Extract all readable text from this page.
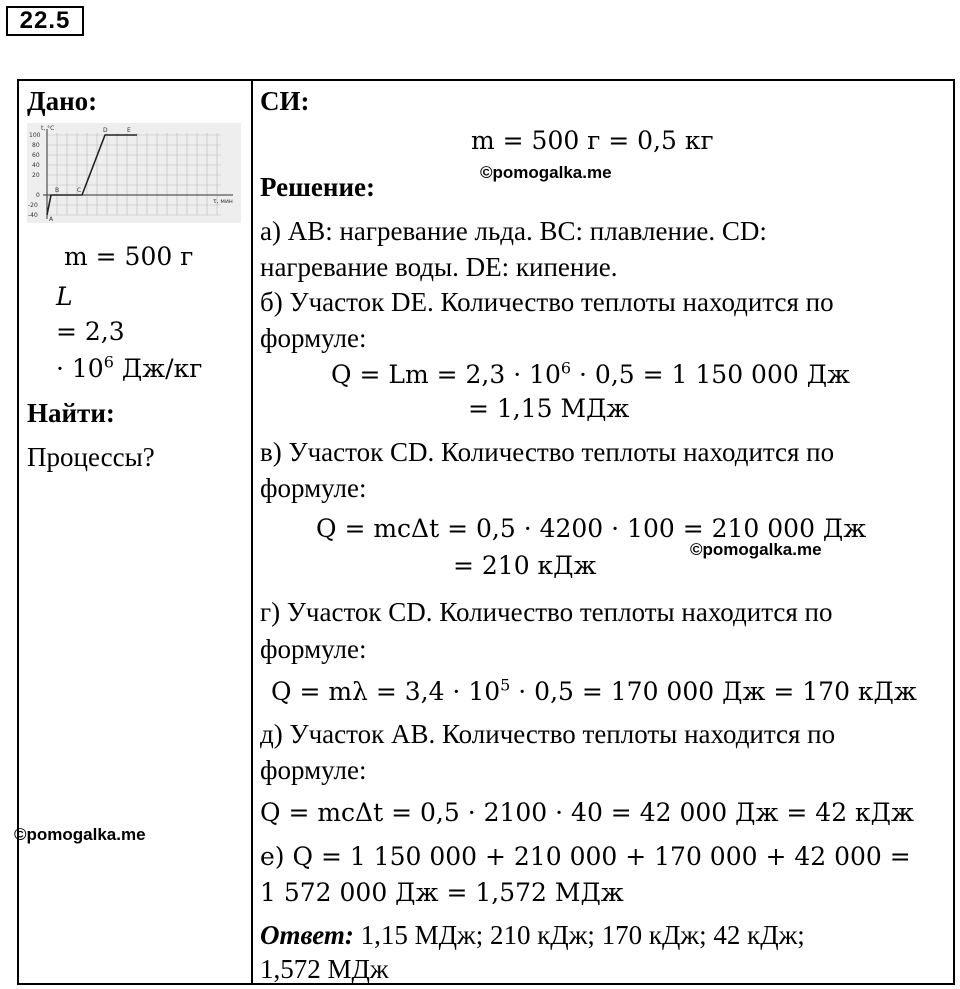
22.5
Дано:
100
80
60
40
20
0
-20
-40
t, °C
τ, мин
A
B	C
D	E
m = 500 г
L
= 2,3
· $10^6$ Дж/кг
Найти:
Процессы?
СИ:
m = 500 г = 0,5 кг
Решение:
а) AB: нагревание льда. BC: плавление. CD:
нагревание воды. DE: кипение.
б) Участок DE. Количество теплоты находится по
формуле:
$Q = Lm = 2,3 \cdot 10^6 \cdot 0,5 = 1$ 150 000 Дж
= 1,15 МДж
в) Участок CD. Количество теплоты находится по
формуле:
Q = mcΔt = 0,5 · 4200 · 100 = 210 000 Дж
= 210 кДж
г) Участок CD. Количество теплоты находится по
формуле:
$Q = m\lambda = 3,4 \cdot 10^5 \cdot 0,5 = 170$ 000 Дж = 170 кДж
д) Участок AB. Количество теплоты находится по
формуле:
Q = mcΔt = 0,5 · 2100 · 40 = 42 000 Дж = 42 кДж
е) Q = 1 150 000 + 210 000 + 170 000 + 42 000 =
1 572 000 Дж = 1,572 МДж
Ответ: 1,15 МДж; 210 кДж; 170 кДж; 42 кДж;
1,572 МДж
©pomogalka.me
©pomogalka.me
©pomogalka.me
